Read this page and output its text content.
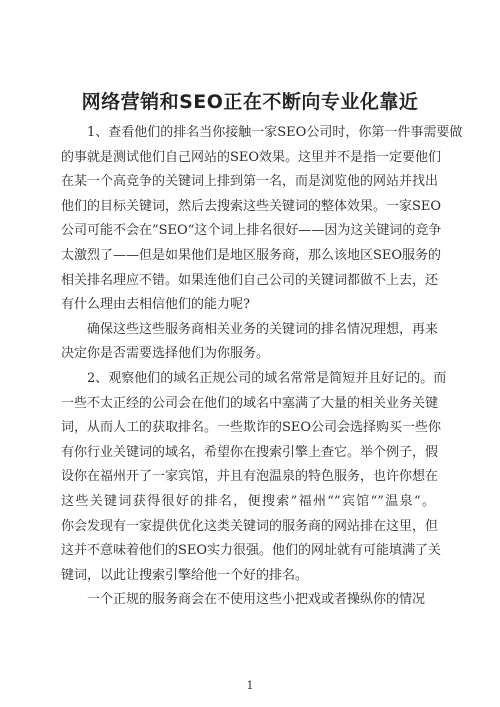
网络营销和SEO正在不断向专业化靠近
　　1、查看他们的排名当你接触一家SEO公司时，你第一件事需要做
的事就是测试他们自己网站的SEO效果。这里并不是指一定要他们
在某一个高竞争的关键词上排到第一名，而是浏览他的网站并找出
他们的目标关键词，然后去搜索这些关键词的整体效果。一家SEO
公司可能不会在”SEO“这个词上排名很好——因为这关键词的竞争
太激烈了——但是如果他们是地区服务商，那么该地区SEO服务的
相关排名理应不错。如果连他们自己公司的关键词都做不上去，还
有什么理由去相信他们的能力呢?
　　确保这些这些服务商相关业务的关键词的排名情况理想，再来
决定你是否需要选择他们为你服务。
　　2、观察他们的域名正规公司的域名常常是简短并且好记的。而
一些不太正经的公司会在他们的域名中塞满了大量的相关业务关键
词，从而人工的获取排名。一些欺诈的SEO公司会选择购买一些你
有你行业关键词的域名，希望你在搜索引擎上查它。举个例子，假
设你在福州开了一家宾馆，并且有泡温泉的特色服务，也许你想在
这些关键词获得很好的排名，便搜索”福州“”宾馆“”温泉“。
你会发现有一家提供优化这类关键词的服务商的网站排在这里，但
这并不意味着他们的SEO实力很强。他们的网址就有可能填满了关
键词，以此让搜索引擎给他一个好的排名。
　　一个正规的服务商会在不使用这些小把戏或者操纵你的情况
1
